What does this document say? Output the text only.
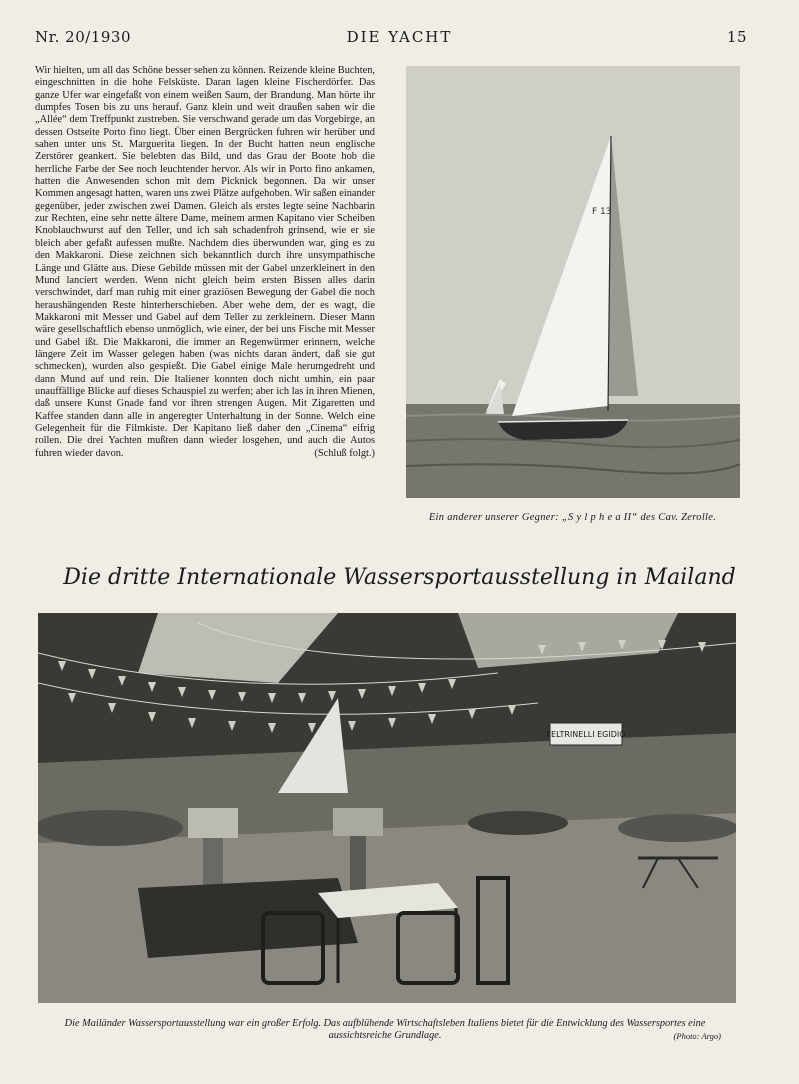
Nr. 20/1930	DIE YACHT	15

Wir hielten, um all das Schöne besser sehen zu können. Reizende kleine Buchten, eingeschnitten in die hohe Felsküste. Daran lagen kleine Fischerdörfer. Das ganze Ufer war eingefaßt von einem weißen Saum, der Brandung. Man hörte ihr dumpfes Tosen bis zu uns herauf. Ganz klein und weit draußen sahen wir die „Allée“ dem Treffpunkt zustreben. Sie verschwand gerade um das Vorgebirge, an dessen Ostseite Porto fino liegt. Über einen Bergrücken fuhren wir herüber und sahen unter uns St. Marguerita liegen. In der Bucht hatten neun englische Zerstörer geankert. Sie belebten das Bild, und das Grau der Boote hob die herrliche Farbe der See noch leuchtender hervor. Als wir in Porto fino ankamen, hatten die Anwesenden schon mit dem Picknick begonnen. Da wir unser Kommen angesagt hatten, waren uns zwei Plätze aufgehoben. Wir saßen einander gegenüber, jeder zwischen zwei Damen. Gleich als erstes legte seine Nachbarin zur Rechten, eine sehr nette ältere Dame, meinem armen Kapitano vier Scheiben Knoblauchwurst auf den Teller, und ich sah schadenfroh grinsend, wie er sie bleich aber gefaßt aufessen mußte. Nachdem dies überwunden war, ging es zu den Makkaroni. Diese zeichnen sich bekanntlich durch ihre unsympathische Länge und Glätte aus. Diese Gebilde müssen mit der Gabel unzerkleinert in den Mund lanciert werden. Wenn nicht gleich beim ersten Bissen alles darin verschwindet, darf man ruhig mit einer graziösen Bewegung der Gabel die noch heraushängenden Reste hinterherschieben. Aber wehe dem, der es wagt, die Makkaroni mit Messer und Gabel auf dem Teller zu zerkleinern. Dieser Mann wäre gesellschaftlich ebenso unmöglich, wie einer, der bei uns Fische mit Messer und Gabel ißt. Die Makkaroni, die immer an Regenwürmer erinnern, welche längere Zeit im Wasser gelegen haben (was nichts daran ändert, daß sie gut schmecken), wurden also gespießt. Die Gabel einige Male herumgedreht und dann Mund auf und rein. Die Italiener konnten doch nicht umhin, ein paar unauffällige Blicke auf dieses Schauspiel zu werfen; aber ich las in ihren Mienen, daß unsere Kunst Gnade fand vor ihren strengen Augen. Mit Zigaretten und Kaffee standen dann alle in angeregter Unterhaltung in der Sonne. Welch eine Gelegenheit für die Filmkiste. Der Kapitano ließ daher den „Cinema“ eifrig rollen. Die drei Yachten mußten dann wieder losgehen, und auch die Autos fuhren wieder davon.	(Schluß folgt.)

F 13
Ein anderer unserer Gegner: „S y l p h e a II“ des Cav. Zerolle.
Die dritte Internationale Wassersportausstellung in Mailand
FELTRINELLI EGIDIO
Die Mailänder Wassersportausstellung war ein großer Erfolg. Das aufblühende Wirtschaftsleben Italiens bietet für die Entwicklung des Wassersportes eine aussichtsreiche Grundlage.	(Photo: Argo)
